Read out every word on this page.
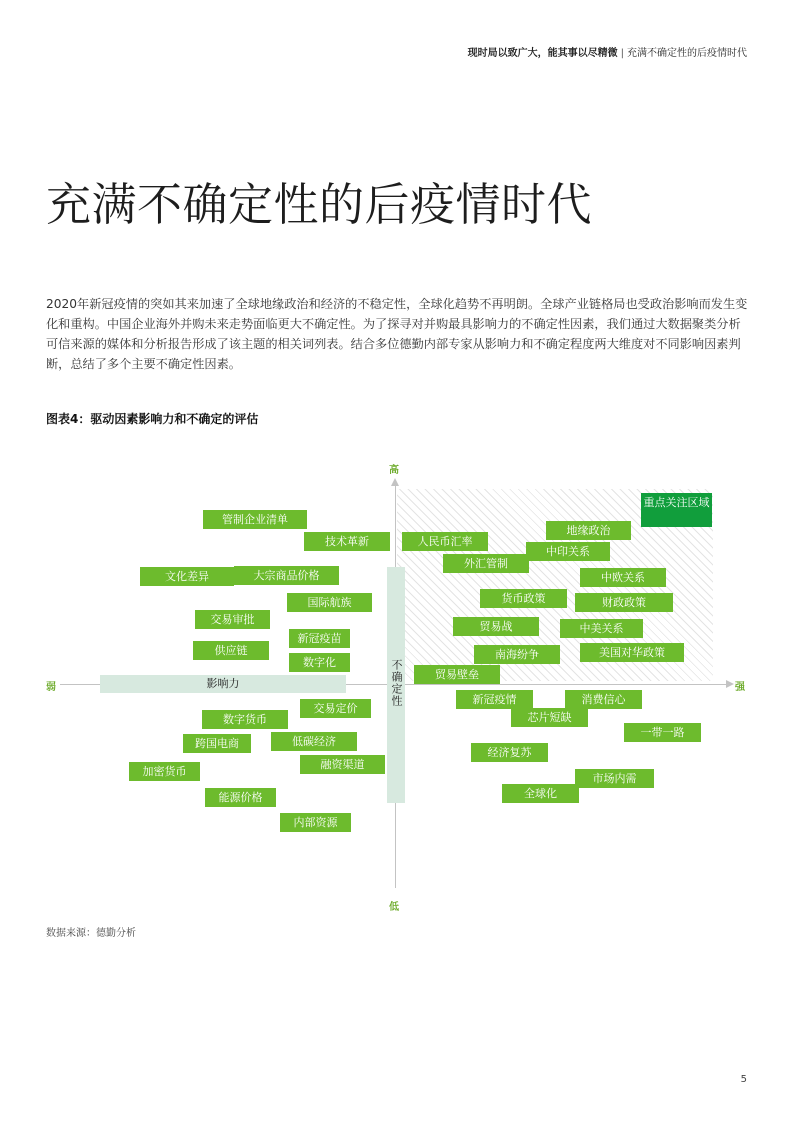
现时局以致广大，能其事以尽精微 | 充满不确定性的后疫情时代
充满不确定性的后疫情时代

2020年新冠疫情的突如其来加速了全球地缘政治和经济的不稳定性，全球化趋势不再明朗。全球产业链格局也受政治影响而发生变化和重构。中国企业海外并购未来走势面临更大不确定性。为了探寻对并购最具影响力的不确定性因素，我们通过大数据聚类分析可信来源的媒体和分析报告形成了该主题的相关词列表。结合多位德勤内部专家从影响力和不确定程度两大维度对不同影响因素判断，总结了多个主要不确定性因素。

图表4：驱动因素影响力和不确定的评估

高
低
弱	强
影响力	不确定性
重点关注区域
管制企业清单
技术革新
文化差异	大宗商品价格
国际航族
交易审批
新冠疫苗
供应链
数字化
人民币汇率
地缘政治
中印关系
外汇管制
中欧关系
货币政策	财政政策
贸易战	中美关系
南海纷争	美国对华政策
贸易壁垒
交易定价
数字货币
跨国电商	低碳经济
融资渠道
加密货币
能源价格
内部资源
新冠疫情	消费信心
芯片短缺
一带一路
经济复苏
市场内需
全球化
数据来源：德勤分析
5
